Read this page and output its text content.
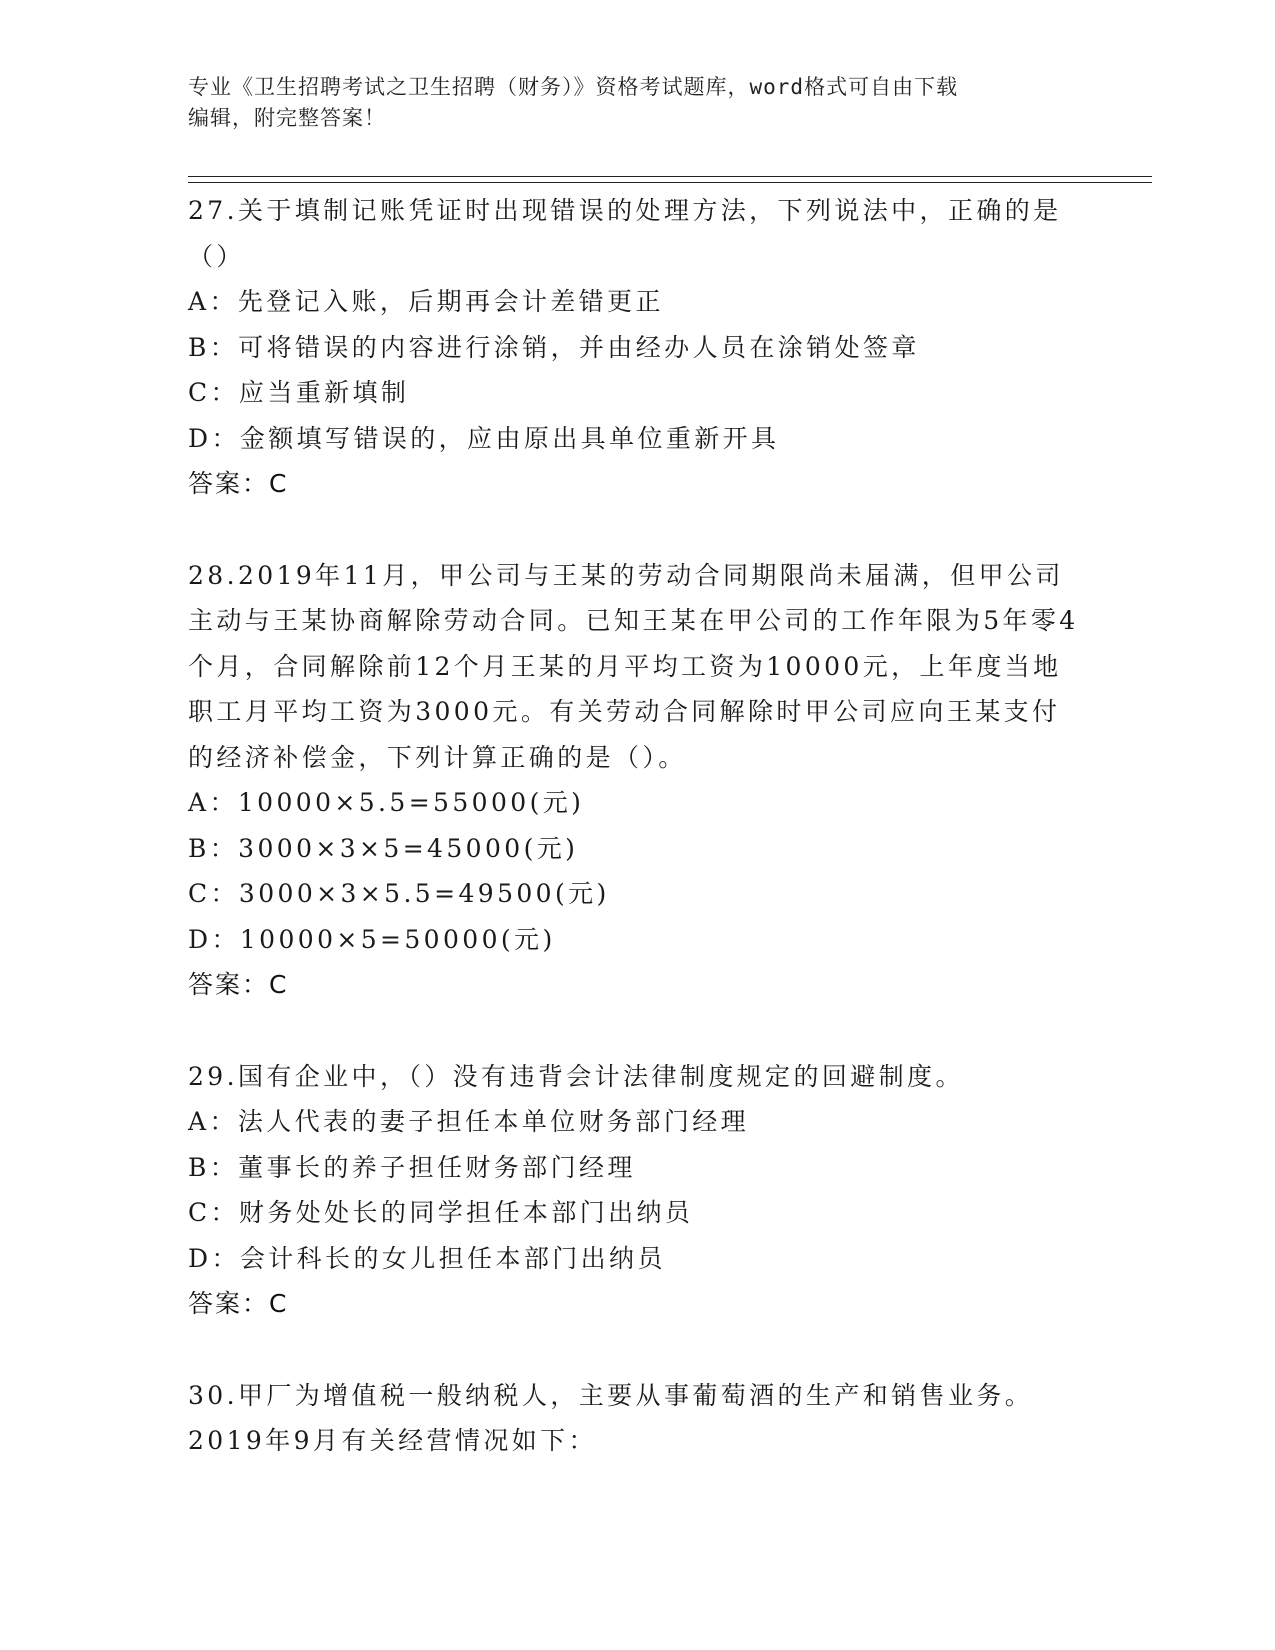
专业《卫生招聘考试之卫生招聘（财务）》资格考试题库，word格式可自由下载
编辑，附完整答案！
27.关于填制记账凭证时出现错误的处理方法，下列说法中，正确的是（）
A：先登记入账，后期再会计差错更正
B：可将错误的内容进行涂销，并由经办人员在涂销处签章
C：应当重新填制
D：金额填写错误的，应由原出具单位重新开具
答案：C
28.2019年11月，甲公司与王某的劳动合同期限尚未届满，但甲公司主动与王某协商解除劳动合同。已知王某在甲公司的工作年限为5年零4个月，合同解除前12个月王某的月平均工资为10000元，上年度当地职工月平均工资为3000元。有关劳动合同解除时甲公司应向王某支付的经济补偿金，下列计算正确的是（）。
A：10000×5.5=55000(元)
B：3000×3×5=45000(元)
C：3000×3×5.5=49500(元)
D：10000×5=50000(元)
答案：C
29.国有企业中，（）没有违背会计法律制度规定的回避制度。
A：法人代表的妻子担任本单位财务部门经理
B：董事长的养子担任财务部门经理
C：财务处处长的同学担任本部门出纳员
D：会计科长的女儿担任本部门出纳员
答案：C
30.甲厂为增值税一般纳税人，主要从事葡萄酒的生产和销售业务。
2019年9月有关经营情况如下：
